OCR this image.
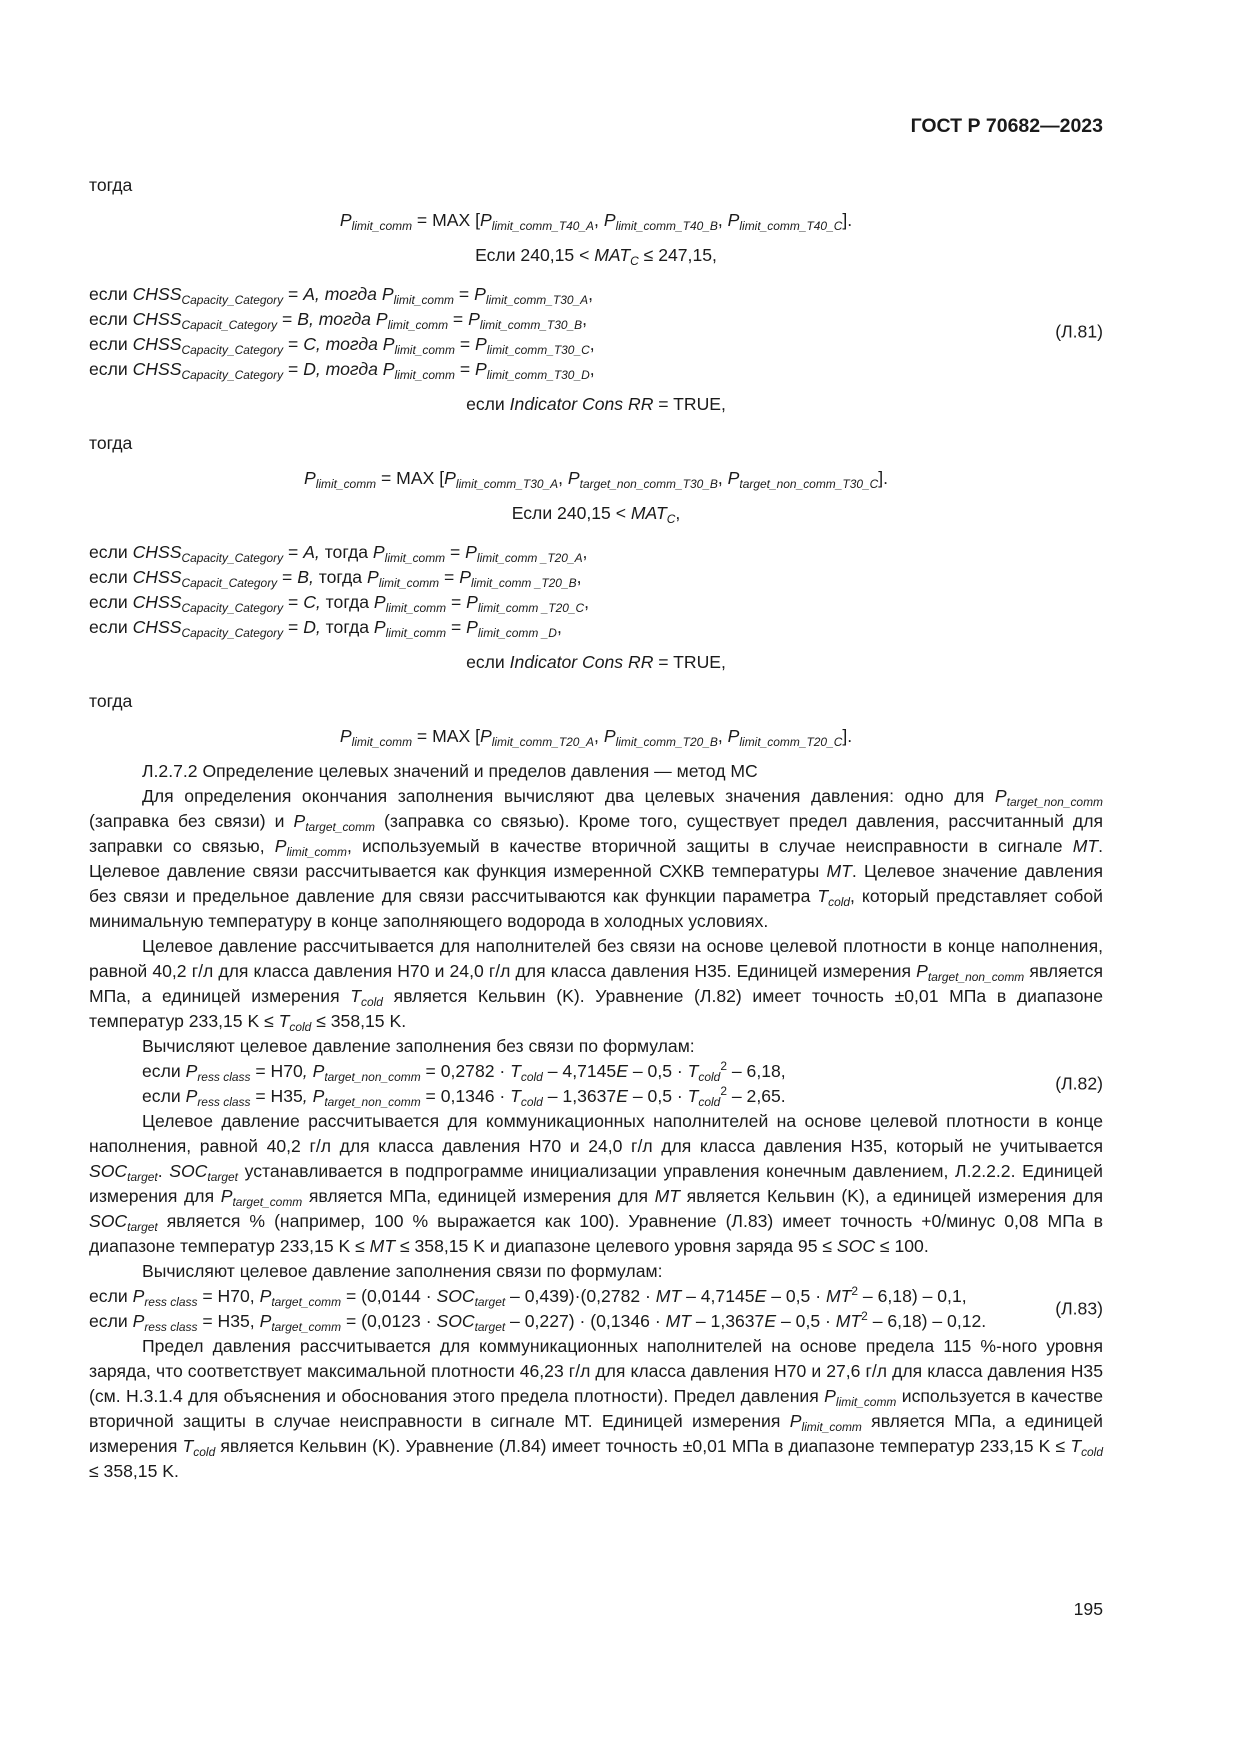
ГОСТ Р 70682—2023
тогда
$P_{limit\_comm}$ = MAX [$P_{limit\_comm\_T40\_A}$, $P_{limit\_comm\_T40\_B}$, $P_{limit\_comm\_T40\_C}$].
Если $240,15 < MAT_C \le 247,15$,
если $CHSS_{Capacity\_Category} = A$, тогда $P_{limit\_comm} = P_{limit\_comm\_T30\_A}$,
если $CHSS_{Capacit\_Category} = B$, тогда $P_{limit\_comm} = P_{limit\_comm\_T30\_B}$,
если $CHSS_{Capacity\_Category} = C$, тогда $P_{limit\_comm} = P_{limit\_comm\_T30\_C}$,
если $CHSS_{Capacity\_Category} = D$, тогда $P_{limit\_comm} = P_{limit\_comm\_T30\_D}$,
(Л.81)
если Indicator Cons RR = TRUE,
тогда
$P_{limit\_comm}$ = MAX [$P_{limit\_comm\_T30\_A}$, $P_{target\_non\_comm\_T30\_B}$, $P_{target\_non\_comm\_T30\_C}$].
Если $240,15 < MAT_C$,
если $CHSS_{Capacity\_Category} = A$, тогда $P_{limit\_comm} = P_{limit\_comm \_T20\_A}$,
если $CHSS_{Capacit\_Category} = B$, тогда $P_{limit\_comm} = P_{limit\_comm \_T20\_B}$,
если $CHSS_{Capacity\_Category} = C$, тогда $P_{limit\_comm} = P_{limit\_comm \_T20\_C}$,
если $CHSS_{Capacity\_Category} = D$, тогда $P_{limit\_comm} = P_{limit\_comm \_D}$,
если Indicator Cons RR = TRUE,
тогда
$P_{limit\_comm}$ = MAX [$P_{limit\_comm\_T20\_A}$, $P_{limit\_comm\_T20\_B}$, $P_{limit\_comm\_T20\_C}$].
Л.2.7.2 Определение целевых значений и пределов давления — метод МС

Для определения окончания заполнения вычисляют два целевых значения давления: одно для $P_{target\_non\_comm}$ (заправка без связи) и $P_{target\_comm}$ (заправка со связью). Кроме того, существует предел давления, рассчитанный для заправки со связью, $P_{limit\_comm}$, используемый в качестве вторичной защиты в случае неисправности в сигнале MT. Целевое давление связи рассчитывается как функция измеренной СХКВ температуры MT. Целевое значение давления без связи и предельное давление для связи рассчитываются как функции параметра $T_{cold}$, который представляет собой минимальную температуру в конце заполняющего водорода в холодных условиях.

Целевое давление рассчитывается для наполнителей без связи на основе целевой плотности в конце наполнения, равной 40,2 г/л для класса давления H70 и 24,0 г/л для класса давления H35. Единицей измерения $P_{target\_non\_comm}$ является МПа, а единицей измерения $T_{cold}$ является Кельвин (K). Уравнение (Л.82) имеет точность ±0,01 МПа в диапазоне температур 233,15 $K \le T_{cold} \le 358,15$ K.

Вычисляют целевое давление заполнения без связи по формулам:
если $P_{ress class} = H70$, $P_{target\_non\_comm} = 0,2782 \cdot T_{cold} - 4,7145E - 0,5 \cdot T_{cold}^2 - 6,18$,
если $P_{ress class} = H35$, $P_{target\_non\_comm} = 0,1346 \cdot T_{cold} - 1,3637E - 0,5 \cdot T_{cold}^2 - 2,65$.
(Л.82)

Целевое давление рассчитывается для коммуникационных наполнителей на основе целевой плотности в конце наполнения, равной 40,2 г/л для класса давления H70 и 24,0 г/л для класса давления H35, который не учитывается $SOC_{target}$. $SOC_{target}$ устанавливается в подпрограмме инициализации управления конечным давлением, Л.2.2.2. Единицей измерения для $P_{target\_comm}$ является МПа, единицей измерения для MT является Кельвин (K), а единицей измерения для $SOC_{target}$ является % (например, 100 % выражается как 100). Уравнение (Л.83) имеет точность +0/минус 0,08 МПа в диапазоне температур 233,15 K ≤ MT ≤ 358,15 K и диапазоне целевого уровня заряда 95 ≤ SOC ≤ 100.

Вычисляют целевое давление заполнения связи по формулам:
если $P_{ress class} = H70$, $P_{target\_comm} = (0,0144 \cdot SOC_{target} - 0,439)\cdot(0,2782$ · MT – $4,7145E - 0,5 \cdot MT^2 - 6,18) - 0,1$,
если $P_{ress class} = H35$, $P_{target\_comm} = (0,0123 \cdot SOC_{target} - 0,227) \cdot (0,1346$ · MT – $1,3637E - 0,5 \cdot MT^2 - 6,18) - 0,12$.
(Л.83)

Предел давления рассчитывается для коммуникационных наполнителей на основе предела 115 %-ного уровня заряда, что соответствует максимальной плотности 46,23 г/л для класса давления H70 и 27,6 г/л для класса давления H35 (см. H.3.1.4 для объяснения и обоснования этого предела плотности). Предел давления $P_{limit\_comm}$ используется в качестве вторичной защиты в случае неисправности в сигнале MT. Единицей измерения $P_{limit\_comm}$ является МПа, а единицей измерения $T_{cold}$ является Кельвин (K). Уравнение (Л.84) имеет точность ±0,01 МПа в диапазоне температур 233,15 $K \le T_{cold} \le 358,15$ K.

195
